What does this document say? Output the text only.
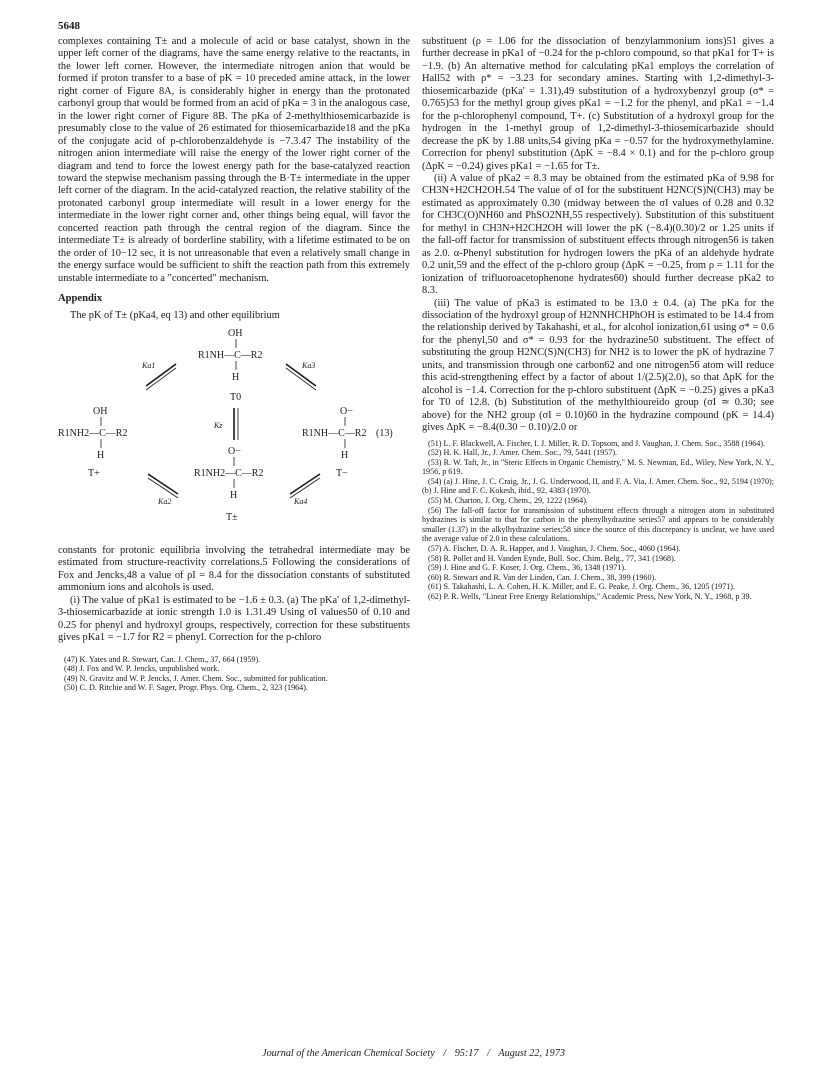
5648

complexes containing T± and a molecule of acid or base catalyst, shown in the upper left corner of the diagrams, have the same energy relative to the reactants, in the lower left corner. However, the intermediate nitrogen anion that would be formed if proton transfer to a base of pK = 10 preceded amine attack, in the lower right corner of Figure 8A, is considerably higher in energy than the protonated carbonyl group that would be formed from an acid of pKa = 3 in the analogous case, in the lower right corner of Figure 8B. The pKa of 2-methylthiosemicarbazide is presumably close to the value of 26 estimated for thiosemicarbazide18 and the pKa of the conjugate acid of p-chlorobenzaldehyde is −7.3.47 The instability of the nitrogen anion intermediate will raise the energy of the lower right corner of the diagram and tend to force the lowest energy path for the base-catalyzed reaction toward the stepwise mechanism passing through the B·T± intermediate in the upper left corner of the diagram. In the acid-catalyzed reaction, the relative stability of the protonated carbonyl group intermediate will result in a lower energy for the intermediate in the lower right corner and, other things being equal, will favor the concerted reaction path through the central region of the diagram. Since the intermediate T± is already of borderline stability, with a lifetime estimated to be on the order of 10−12 sec, it is not unreasonable that even a relatively small change in the energy surface would be sufficient to shift the reaction path from this extremely unstable intermediate to a "concerted" mechanism.

Appendix

The pK of T± (pKa4, eq 13) and other equilibrium

OH
R1NH—C—R2
H
T0
OH
R1NH2—C—R2
H
T+
O−
R1NH—C—R2 (13)
H
T−
O−
R1NH2—C—R2
H
T±
Ka1	Ka3
Kz
Ka2	Ka4

constants for protonic equilibria involving the tetrahedral intermediate may be estimated from structure-reactivity correlations.5 Following the considerations of Fox and Jencks,48 a value of ρI = 8.4 for the dissociation constants of substituted ammonium ions and alcohols is used.

(i) The value of pKa1 is estimated to be −1.6 ± 0.3. (a) The pKa' of 1,2-dimethyl-3-thiosemicarbazide at ionic strength 1.0 is 1.31.49 Using σI values50 of 0.10 and 0.25 for phenyl and hydroxyl groups, respectively, correction for these substituents gives pKa1 = −1.7 for R2 = phenyl. Correction for the p-chloro

(47) K. Yates and R. Stewart, Can. J. Chem., 37, 664 (1959).

(48) J. Fox and W. P. Jencks, unpublished work.

(49) N. Gravitz and W. P. Jencks, J. Amer. Chem. Soc., submitted for publication.

(50) C. D. Ritchie and W. F. Sager, Progr. Phys. Org. Chem., 2, 323 (1964).

substituent (ρ = 1.06 for the dissociation of benzylammonium ions)51 gives a further decrease in pKa1 of −0.24 for the p-chloro compound, so that pKa1 for T+ is −1.9. (b) An alternative method for calculating pKa1 employs the correlation of Hall52 with ρ* = −3.23 for secondary amines. Starting with 1,2-dimethyl-3-thiosemicarbazide (pKa' = 1.31),49 substitution of a hydroxybenzyl group (σ* = 0.765)53 for the methyl group gives pKa1 = −1.2 for the phenyl, and pKa1 = −1.4 for the p-chlorophenyl compound, T+. (c) Substitution of a hydroxyl group for the hydrogen in the 1-methyl group of 1,2-dimethyl-3-thiosemicarbazide should decrease the pK by 1.88 units,54 giving pKa = −0.57 for the hydroxymethylamine. Correction for phenyl substitution (ΔpK = −8.4 × 0.1) and for the p-chloro group (ΔpK = −0.24) gives pKa1 = −1.65 for T±.

(ii) A value of pKa2 = 8.3 may be obtained from the estimated pKa of 9.98 for CH3N+H2CH2OH.54 The value of σI for the substituent H2NC(S)N(CH3) may be estimated as approximately 0.30 (midway between the σI values of 0.28 and 0.32 for CH3C(O)NH60 and PhSO2NH,55 respectively). Substitution of this substituent for methyl in CH3N+H2CH2OH will lower the pK (−8.4)(0.30)/2 or 1.25 units if the fall-off factor for transmission of substituent effects through nitrogen56 is taken as 2.0. α-Phenyl substitution for hydrogen lowers the pKa of an aldehyde hydrate 0.2 unit,59 and the effect of the p-chloro group (ΔpK = −0.25, from ρ = 1.11 for the ionization of trifluoroacetophenone hydrates60) should further decrease pKa2 to 8.3.

(iii) The value of pKa3 is estimated to be 13.0 ± 0.4. (a) The pKa for the dissociation of the hydroxyl group of H2NNHCHPhOH is estimated to be 14.4 from the relationship derived by Takahashi, et al., for alcohol ionization,61 using σ* = 0.6 for the phenyl,50 and σ* = 0.93 for the hydrazine50 substituent. The effect of substituting the group H2NC(S)N(CH3) for NH2 is to lower the pK of hydrazine 7 units, and transmission through one carbon62 and one nitrogen56 atom will reduce this acid-strengthening effect by a factor of about 1/(2.5)(2.0), so that ΔpK for the alcohol is −1.4. Correction for the p-chloro substituent (ΔpK = −0.25) gives a pKa3 for T0 of 12.8. (b) Substitution of the methylthioureido group (σI ≃ 0.30; see above) for the NH2 group (σI = 0.10)60 in the hydrazine compound (pK = 14.4) gives ΔpK = −8.4(0.30 − 0.10)/2.0 or

(51) L. F. Blackwell, A. Fischer, I. J. Miller, R. D. Topsom, and J. Vaughan, J. Chem. Soc., 3588 (1964).

(52) H. K. Hall, Jr., J. Amer. Chem. Soc., 79, 5441 (1957).

(53) R. W. Taft, Jr., in "Steric Effects in Organic Chemistry," M. S. Newman, Ed., Wiley, New York, N. Y., 1956, p 619.

(54) (a) J. Hine, J. C. Craig, Jr., J. G. Underwood, II, and F. A. Via, J. Amer. Chem. Soc., 92, 5194 (1970); (b) J. Hine and F. C. Kokesh, ibid., 92, 4383 (1970).

(55) M. Charton, J. Org. Chem., 29, 1222 (1964).

(56) The fall-off factor for transmission of substituent effects through a nitrogen atom in substituted hydrazines is similar to that for carbon in the phenylhydrazine series57 and appears to be considerably smaller (1.37) in the alkylhydrazine series;58 since the source of this discrepancy is unclear, we have used the average value of 2.0 in these calculations.

(57) A. Fischer, D. A. R. Happer, and J. Vaughan, J. Chem. Soc., 4060 (1964).

(58) R. Pollet and H. Vanden Eynde, Bull. Soc. Chim. Belg., 77, 341 (1968).

(59) J. Hine and G. F. Koser, J. Org. Chem., 36, 1348 (1971).

(60) R. Stewart and R. Van der Linden, Can. J. Chem., 38, 399 (1960).

(61) S. Takahashi, L. A. Cohen, H. K. Miller, and E. G. Peake, J. Org. Chem., 36, 1205 (1971).

(62) P. R. Wells, "Linear Free Energy Relationships," Academic Press, New York, N. Y., 1968, p 39.

Journal of the American Chemical Society / 95:17 / August 22, 1973
